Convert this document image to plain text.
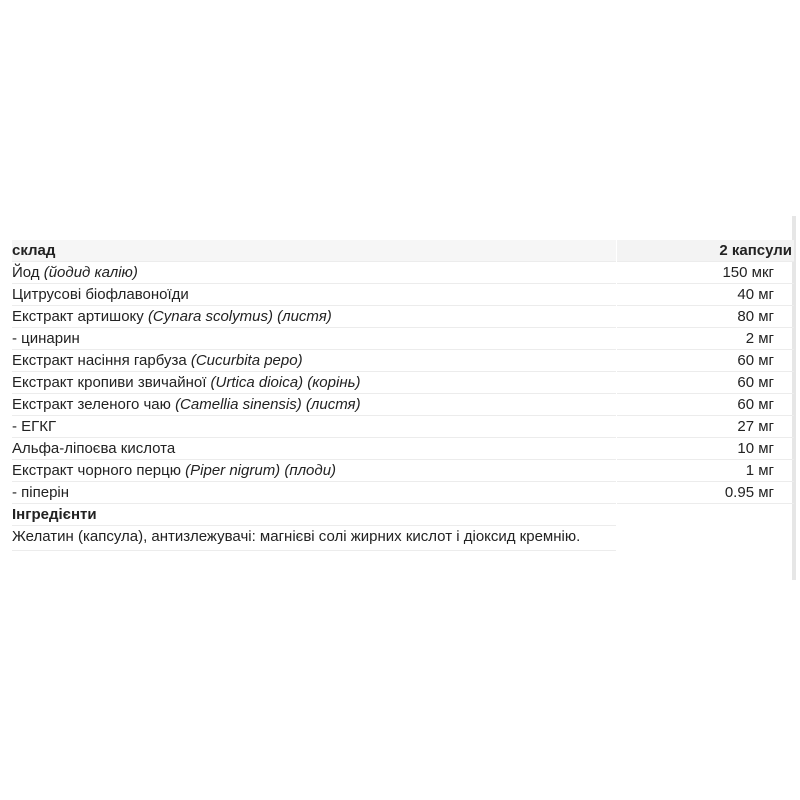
склад	2 капсули
Йод (йодид калію)	150 мкг
Цитрусові біофлавоноїди	40 мг
Екстракт артишоку (Cynara scolymus) (листя)	80 мг
- цинарин	2 мг
Екстракт насіння гарбуза (Cucurbita pepo)	60 мг
Екстракт кропиви звичайної (Urtica dioica) (корінь)	60 мг
Екстракт зеленого чаю (Camellia sinensis) (листя)	60 мг
- ЕГКГ	27 мг
Альфа-ліпоєва кислота	10 мг
Екстракт чорного перцю (Piper nigrum) (плоди)	1 мг
- піперін	0.95 мг
Інгредієнти
Желатин (капсула), антизлежувачі: магнієві солі жирних кислот і діоксид кремнію.
